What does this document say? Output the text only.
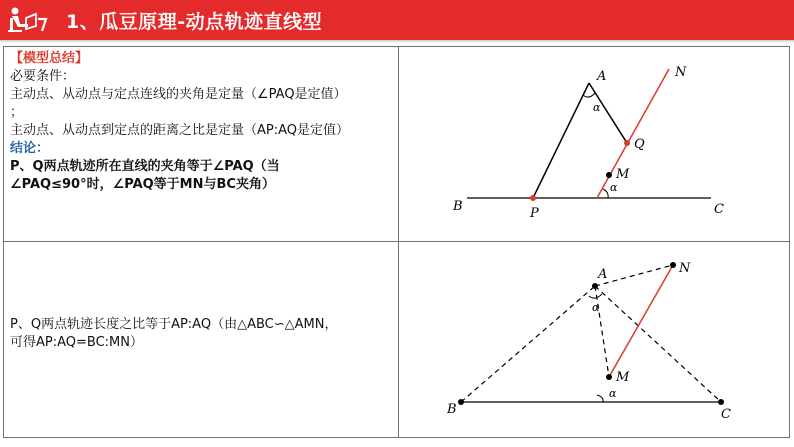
1、瓜豆原理-动点轨迹直线型
【模型总结】
必要条件：
主动点、从动点与定点连线的夹角是定量（∠PAQ是定值）
；
主动点、从动点到定点的距离之比是定量（AP:AQ是定值）
结论：
P、Q两点轨迹所在直线的夹角等于∠PAQ（当
∠PAQ≤90°时，∠PAQ等于MN与BC夹角）
P、Q两点轨迹长度之比等于AP:AQ（由△ABC∽△AMN，
可得AP:AQ=BC:MN）
A	N
Q
M
B	C
P
α
α
A	N
M
B	C
α
α
